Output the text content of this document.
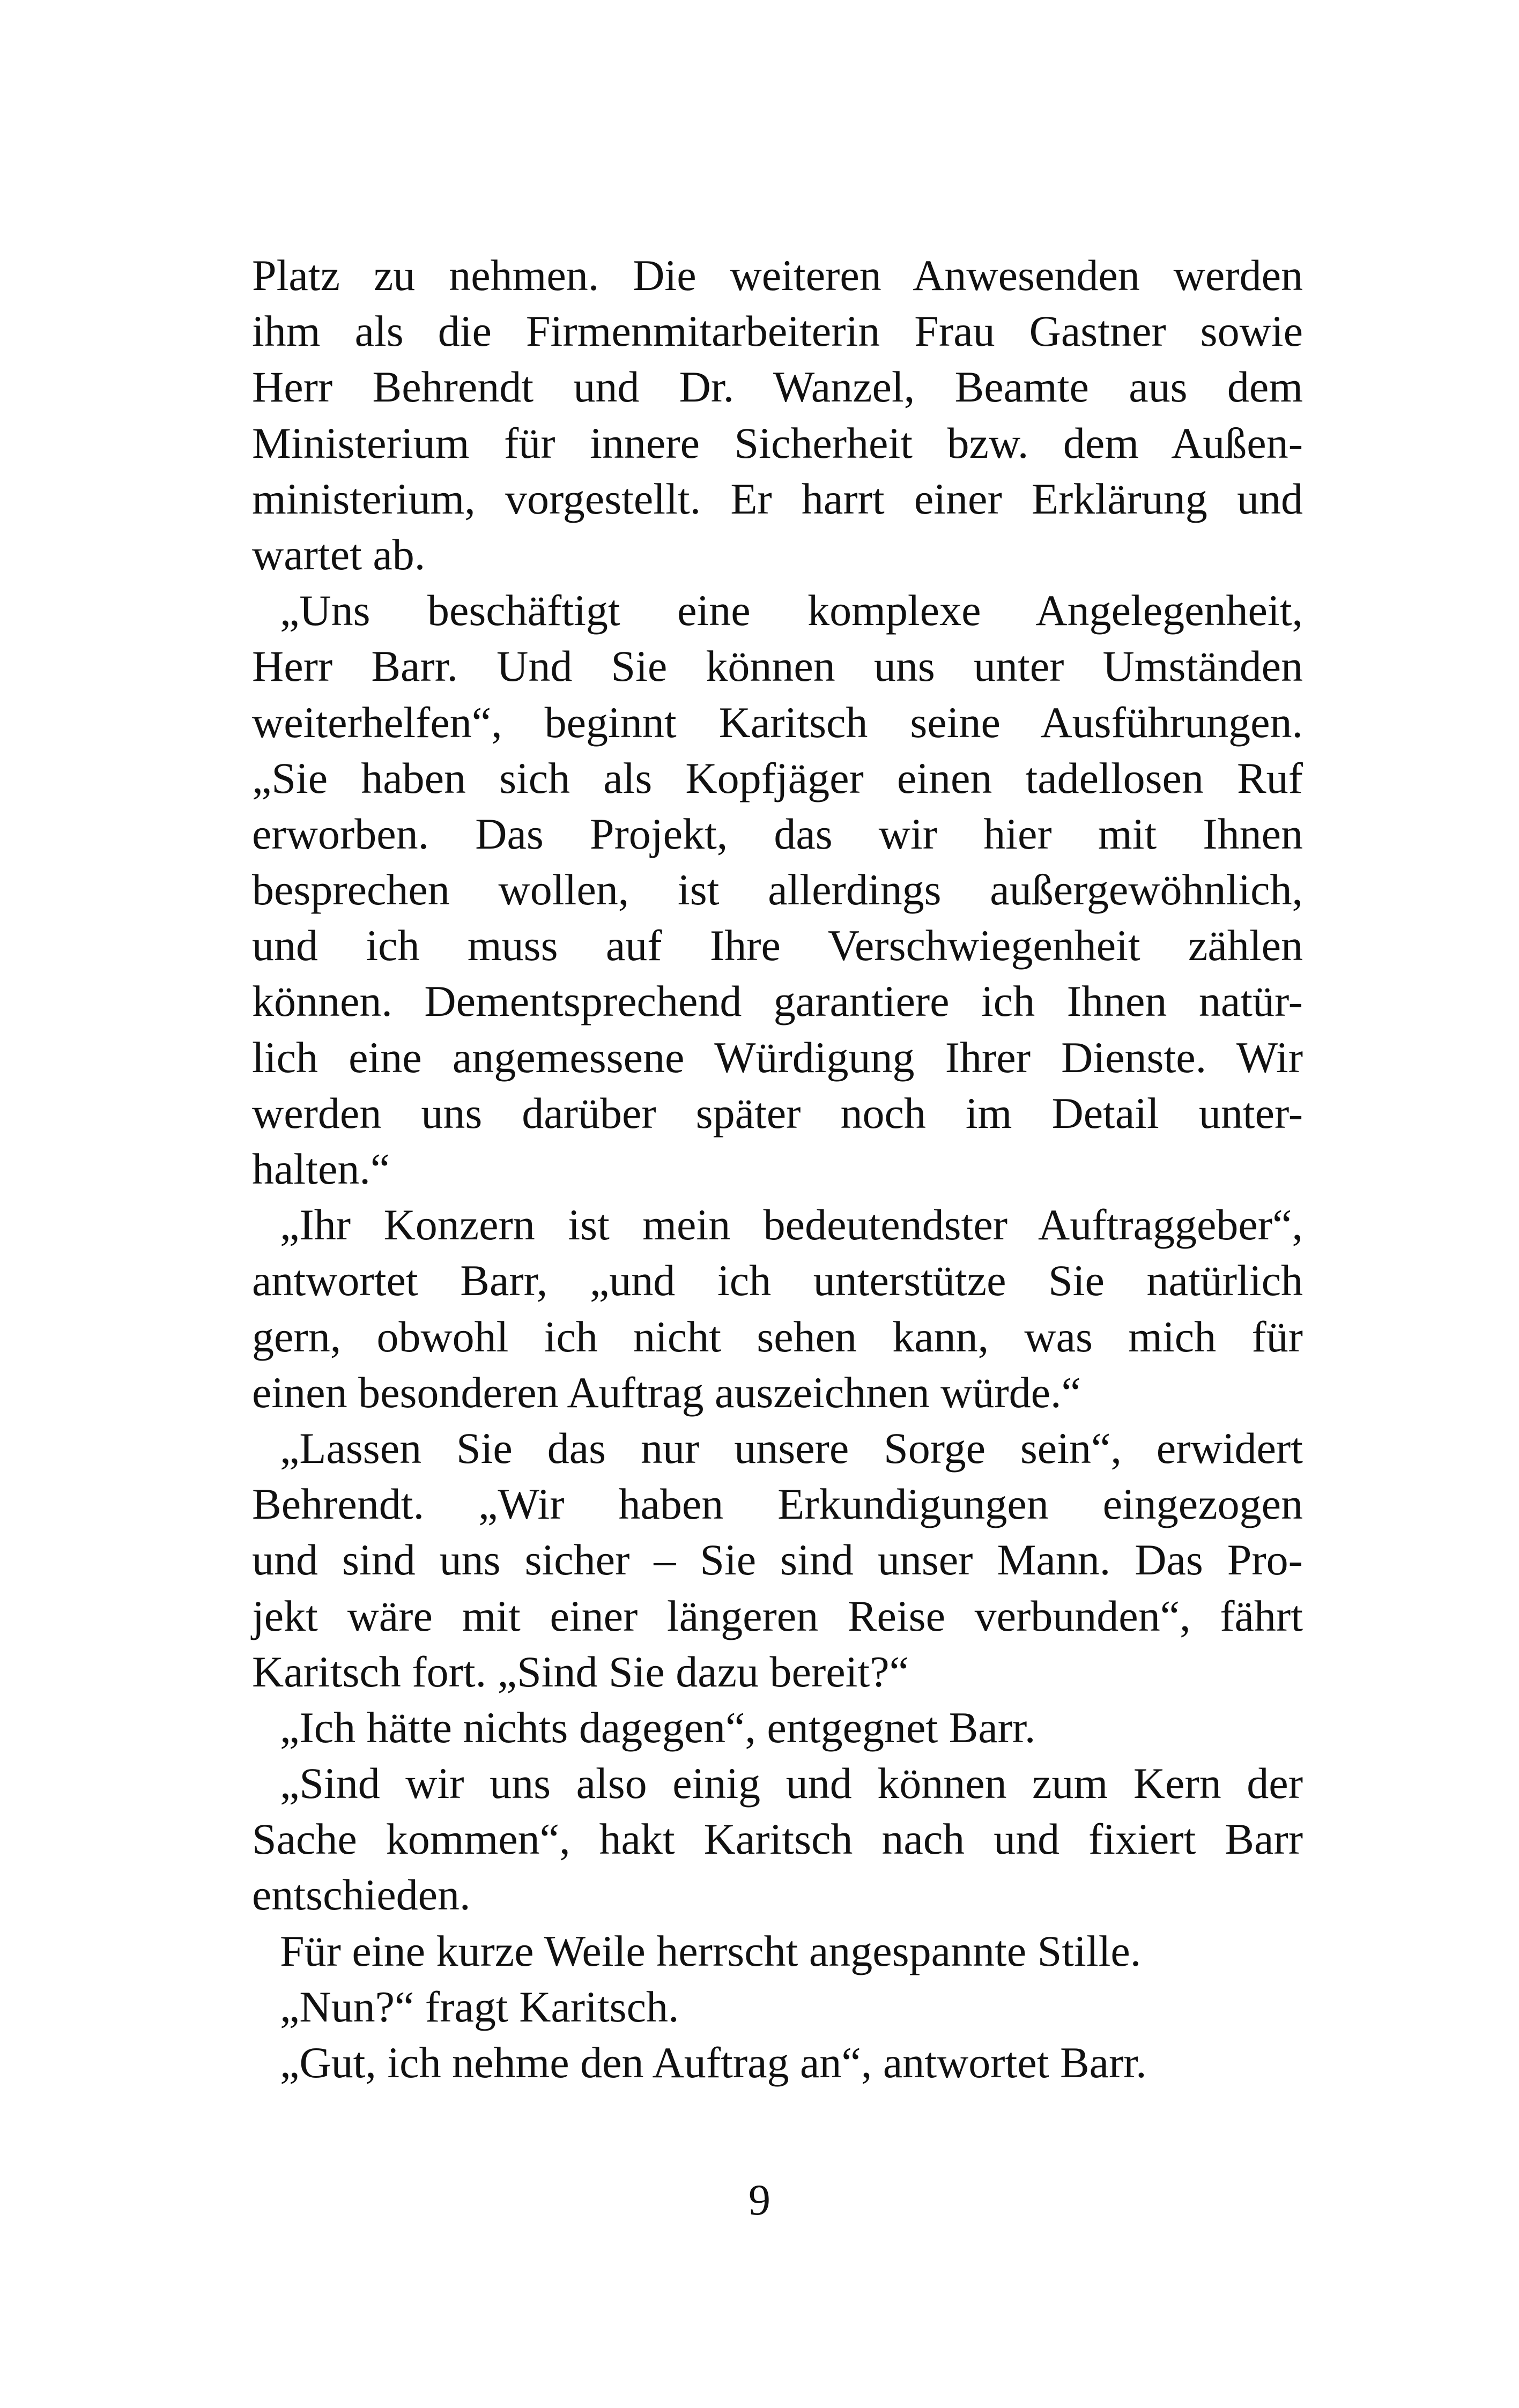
Platz zu nehmen. Die weiteren Anwesenden werden
ihm als die Firmenmitarbeiterin Frau Gastner sowie
Herr Behrendt und Dr. Wanzel, Beamte aus dem
Ministerium für innere Sicherheit bzw. dem Außen-
ministerium, vorgestellt. Er harrt einer Erklärung und
wartet ab.
„Uns beschäftigt eine komplexe Angelegenheit,
Herr Barr. Und Sie können uns unter Umständen
weiterhelfen“, beginnt Karitsch seine Ausführungen.
„Sie haben sich als Kopfjäger einen tadellosen Ruf
erworben. Das Projekt, das wir hier mit Ihnen
besprechen wollen, ist allerdings außergewöhnlich,
und ich muss auf Ihre Verschwiegenheit zählen
können. Dementsprechend garantiere ich Ihnen natür-
lich eine angemessene Würdigung Ihrer Dienste. Wir
werden uns darüber später noch im Detail unter-
halten.“
„Ihr Konzern ist mein bedeutendster Auftraggeber“,
antwortet Barr, „und ich unterstütze Sie natürlich
gern, obwohl ich nicht sehen kann, was mich für
einen besonderen Auftrag auszeichnen würde.“
„Lassen Sie das nur unsere Sorge sein“, erwidert
Behrendt. „Wir haben Erkundigungen eingezogen
und sind uns sicher – Sie sind unser Mann. Das Pro-
jekt wäre mit einer längeren Reise verbunden“, fährt
Karitsch fort. „Sind Sie dazu bereit?“
„Ich hätte nichts dagegen“, entgegnet Barr.
„Sind wir uns also einig und können zum Kern der
Sache kommen“, hakt Karitsch nach und fixiert Barr
entschieden.
Für eine kurze Weile herrscht angespannte Stille.
„Nun?“ fragt Karitsch.
„Gut, ich nehme den Auftrag an“, antwortet Barr.
9
